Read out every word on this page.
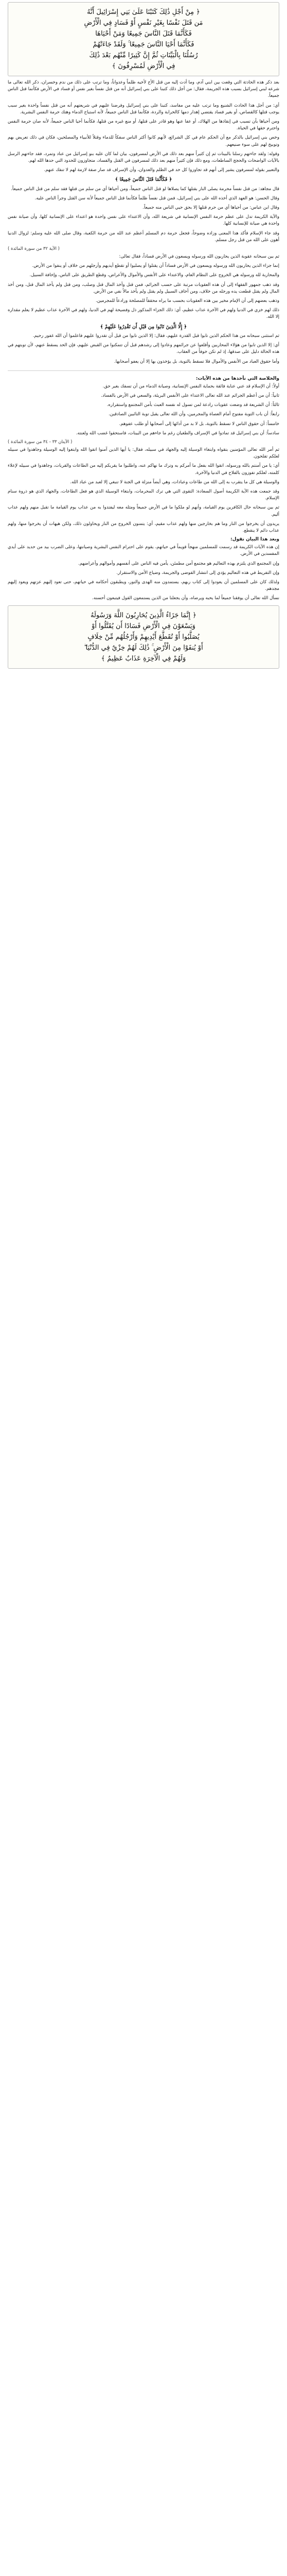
﴿ مِنْ أَجْلِ ذَٰلِكَ كَتَبْنَا عَلَىٰ بَنِي إِسْرَائِيلَ أَنَّهُ
مَن قَتَلَ نَفْسًا بِغَيْرِ نَفْسٍ أَوْ فَسَادٍ فِي الْأَرْضِ
فَكَأَنَّمَا قَتَلَ النَّاسَ جَمِيعًا وَمَنْ أَحْيَاهَا
فَكَأَنَّمَا أَحْيَا النَّاسَ جَمِيعًا ۚ وَلَقَدْ جَاءَتْهُمْ
رُسُلُنَا بِالْبَيِّنَاتِ ثُمَّ إِنَّ كَثِيرًا مِّنْهُم بَعْدَ ذَٰلِكَ
فِي الْأَرْضِ لَمُسْرِفُونَ ﴾

بعد ذكر هذه الحادثة التي وقعت بين ابني آدم، وما أدت إليه من قتل الأخ لأخيه ظلماً وعدواناً، وما ترتب على ذلك من ندم وخسران، ذكر الله تعالى ما شرعه لبني إسرائيل بسبب هذه الجريمة، فقال: من أجل ذلك كتبنا على بني إسرائيل أنه من قتل نفساً بغير نفس أو فساد في الأرض فكأنما قتل الناس جميعاً.

أي: من أجل هذا الحادث الشنيع وما ترتب عليه من مفاسد، كتبنا على بني إسرائيل وفرضنا عليهم في شريعتهم أنه من قتل نفساً واحدة بغير سبب يوجب قتلها كالقصاص، أو بغير فساد يقتضي إهدار دمها كالحرابة والردة، فكأنما قتل الناس جميعاً، لأنه استباح الدماء وهتك حرمة النفس البشرية.

ومن أحياها بأن تسبب في إنقاذها من الهلاك، أو عفا عنها وهو قادر على قتلها، أو منع غيره من قتلها، فكأنما أحيا الناس جميعاً، لأنه صان حرمة النفس واحترم حقها في الحياة.

وخص بني إسرائيل بالذكر مع أن الحكم عام في كل الشرائع، لأنهم كانوا أكثر الناس سفكاً للدماء وقتلاً للأنبياء والمصلحين، فكان في ذلك تعريض بهم وتوبيخ لهم على سوء صنيعهم.

وقوله: ولقد جاءتهم رسلنا بالبينات ثم إن كثيراً منهم بعد ذلك في الأرض لمسرفون، بيان لما كان عليه بنو إسرائيل من عناد وتمرد، فقد جاءتهم الرسل بالآيات الواضحات والحجج الساطعات، ومع ذلك فإن كثيراً منهم بعد ذلك لمسرفون في القتل والفساد، متجاوزون للحدود التي حدها الله لهم.

والتعبير بقوله لمسرفون يشير إلى أنهم قد تجاوزوا كل حد في الظلم والعدوان، وأن الإسراف قد صار صفة لازمة لهم لا تنفك عنهم.

﴿ فَكَأَنَّمَا قَتَلَ النَّاسَ جَمِيعًا ﴾

قال مجاهد: من قتل نفساً محرمة يصلى النار بقتلها كما يصلاها لو قتل الناس جميعاً، ومن أحياها أي من سلم من قتلها فقد سلم من قتل الناس جميعاً.

وقال الحسن: هو العهد الذي أخذه الله على بني إسرائيل، فمن قتل نفساً ظلماً فكأنما قتل الناس جميعاً لأنه سن القتل وجرأ الناس عليه.

وقال ابن عباس: من أحياها أي من حرم قتلها إلا بحق حيي الناس منه جميعاً.

والآية الكريمة تدل على عظم حرمة النفس الإنسانية في شريعة الله، وأن الاعتداء على نفس واحدة هو اعتداء على الإنسانية كلها، وأن صيانة نفس واحدة هي صيانة للإنسانية كلها.

وقد جاء الإسلام فأكد هذا المعنى وزاده وضوحاً، فجعل حرمة دم المسلم أعظم عند الله من حرمة الكعبة، وقال صلى الله عليه وسلم: لزوال الدنيا أهون على الله من قتل رجل مسلم.

( الآية ٣٢ من سورة المائدة )

ثم بين سبحانه عقوبة الذين يحاربون الله ورسوله ويسعون في الأرض فساداً، فقال تعالى:

إنما جزاء الذين يحاربون الله ورسوله ويسعون في الأرض فساداً أن يقتلوا أو يصلبوا أو تقطع أيديهم وأرجلهم من خلاف أو ينفوا من الأرض.

والمحاربة لله ورسوله هي الخروج على النظام العام، والاعتداء على الأنفس والأموال والأعراض، وقطع الطريق على الناس، وإخافة السبيل.

وقد ذهب جمهور الفقهاء إلى أن هذه العقوبات مرتبة على حسب الجرائم، فمن قتل وأخذ المال قتل وصلب، ومن قتل ولم يأخذ المال قتل، ومن أخذ المال ولم يقتل قطعت يده ورجله من خلاف، ومن أخاف السبيل ولم يقتل ولم يأخذ مالاً نفي من الأرض.

وذهب بعضهم إلى أن الإمام مخير بين هذه العقوبات بحسب ما يراه محققاً للمصلحة ورادعاً للمجرمين.

ذلك لهم خزي في الدنيا ولهم في الآخرة عذاب عظيم، أي: ذلك الجزاء المذكور ذل وفضيحة لهم في الدنيا، ولهم في الآخرة عذاب عظيم لا يعلم مقداره إلا الله.

﴿ إِلَّا الَّذِينَ تَابُوا مِن قَبْلِ أَن تَقْدِرُوا عَلَيْهِمْ ﴾

ثم استثنى سبحانه من هذا الحكم الذين تابوا قبل القدرة عليهم، فقال: إلا الذين تابوا من قبل أن تقدروا عليهم فاعلموا أن الله غفور رحيم.

أي: إلا الذين تابوا من هؤلاء المحاربين وأقلعوا عن جرائمهم وعادوا إلى رشدهم قبل أن تتمكنوا من القبض عليهم، فإن الحد يسقط عنهم، لأن توبتهم في هذه الحالة دليل على صدقها، إذ لم تكن خوفاً من العقاب.

وأما حقوق العباد من الأنفس والأموال فلا تسقط بالتوبة، بل يؤخذون بها إلا أن يعفو أصحابها.

والخلاصة التي نأخذها من هذه الآيات:

أولاً: أن الإسلام قد عني عناية فائقة بحماية النفس الإنسانية، وصيانة الدماء من أن تسفك بغير حق.

ثانياً: أن من أعظم الجرائم عند الله تعالى الاعتداء على الأنفس البريئة، والسعي في الأرض بالفساد.

ثالثاً: أن الشريعة قد وضعت عقوبات رادعة لمن تسول له نفسه العبث بأمن المجتمع واستقراره.

رابعاً: أن باب التوبة مفتوح أمام العصاة والمجرمين، وأن الله تعالى يقبل توبة التائبين الصادقين.

خامساً: أن حقوق الناس لا تسقط بالتوبة، بل لا بد من أدائها إلى أصحابها أو طلب عفوهم.

سادساً: أن بني إسرائيل قد تمادوا في الإسراف والطغيان رغم ما جاءهم من البينات، فاستحقوا غضب الله ولعنته.

( الآيتان ٣٣ - ٣٤ من سورة المائدة )

ثم أمر الله تعالى المؤمنين بتقواه وابتغاء الوسيلة إليه والجهاد في سبيله، فقال: يا أيها الذين آمنوا اتقوا الله وابتغوا إليه الوسيلة وجاهدوا في سبيله لعلكم تفلحون.

أي: يا من آمنتم بالله ورسوله، اتقوا الله بفعل ما أمركم به وترك ما نهاكم عنه، واطلبوا ما يقربكم إليه من الطاعات والقربات، وجاهدوا في سبيله لإعلاء كلمته، لعلكم تفوزون بالفلاح في الدنيا والآخرة.

والوسيلة هي كل ما يتقرب به إلى الله من طاعات وعبادات، وهي أيضاً منزلة في الجنة لا تنبغي إلا لعبد من عباد الله.

وقد جمعت هذه الآية الكريمة أصول السعادة: التقوى التي هي ترك المحرمات، وابتغاء الوسيلة الذي هو فعل الطاعات، والجهاد الذي هو ذروة سنام الإسلام.

ثم بين سبحانه حال الكافرين يوم القيامة، وأنهم لو ملكوا ما في الأرض جميعاً ومثله معه ليفتدوا به من عذاب يوم القيامة ما تقبل منهم ولهم عذاب أليم.

يريدون أن يخرجوا من النار وما هم بخارجين منها ولهم عذاب مقيم، أي: يتمنون الخروج من النار ويحاولون ذلك، ولكن هيهات أن يخرجوا منها، ولهم عذاب دائم لا ينقطع.

وبعد هذا البيان نقول:

إن هذه الآيات الكريمة قد رسمت للمسلمين منهجاً قويماً في حياتهم، يقوم على احترام النفس البشرية وصيانتها، وعلى الضرب بيد من حديد على أيدي المفسدين في الأرض.

وإن المجتمع الذي يلتزم بهذه التعاليم هو مجتمع آمن مطمئن، يأمن فيه الناس على أنفسهم وأموالهم وأعراضهم.

وإن التفريط في هذه التعاليم يؤدي إلى انتشار الفوضى والجريمة، وضياع الأمن والاستقرار.

ولذلك كان على المسلمين أن يعودوا إلى كتاب ربهم، يستمدون منه الهدى والنور، ويطبقون أحكامه في حياتهم، حتى تعود إليهم عزتهم ويعود إليهم مجدهم.

نسأل الله تعالى أن يوفقنا جميعاً لما يحبه ويرضاه، وأن يجعلنا من الذين يستمعون القول فيتبعون أحسنه.

﴿ إِنَّمَا جَزَاءُ الَّذِينَ يُحَارِبُونَ اللَّهَ وَرَسُولَهُ
وَيَسْعَوْنَ فِي الْأَرْضِ فَسَادًا أَن يُقَتَّلُوا أَوْ
يُصَلَّبُوا أَوْ تُقَطَّعَ أَيْدِيهِمْ وَأَرْجُلُهُم مِّنْ خِلَافٍ
أَوْ يُنفَوْا مِنَ الْأَرْضِ ۚ ذَٰلِكَ لَهُمْ خِزْيٌ فِي الدُّنْيَا ۖ
وَلَهُمْ فِي الْآخِرَةِ عَذَابٌ عَظِيمٌ ﴾
